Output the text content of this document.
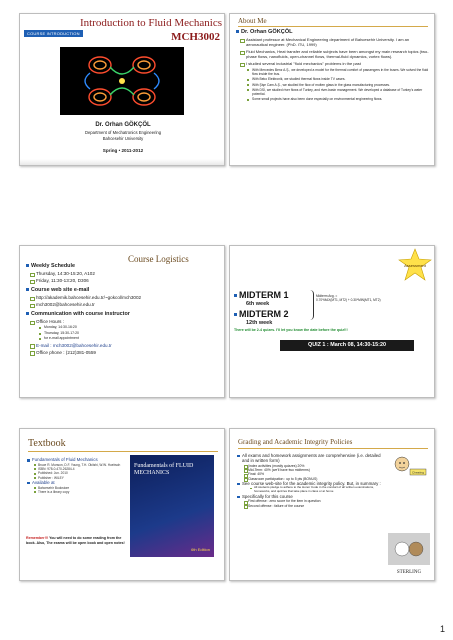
COURSE INTRODUCTION
Introduction to Fluid Mechanics
MCH3002
Dr. Orhan GÖKÇÖL
Department of Mechatronics Engineering
Bahcesehir University
Spring • 2011-2012
About Me
Dr. Orhan GÖKÇÖL
Assistant professor at Mechanical Engineering department of Bahcesehir University. I am an aeronautical engineer. (PhD. ITU, 1999)
Fluid Mechanics, Heat transfer and reliable subjects have been amongst my main research topics (two-phase flows, nanofluids, open-channel flows, thermal-fluid dynamics, vortex flows).
I studied several industrial "fluid mechanics" problems in the past
With Mercedes Benz A.Ş., we developed a model for the thermal comfort of passengers in the buses. We solved the fluid flow inside the bus.
With Beko Elektronik, we studied thermal flows inside TV cases.
With Şişe Cam A.Ş., we studied the flow of molten glass in the glass manufacturing processes.
With DSİ, we studied river flows of Turkey, and river-basin management. We developed a database of Turkey's water potential.
Some small projects have also been done especially on environmental engineering flows.
Course Logistics
Weekly Schedule
Thursday, 14:30-15:20, A102
Friday, 11:30-13:20, D306
Course web site e-mail
http://akademik.bahcesehir.edu.tr/~gokcol/mch3002
mch3002@bahcesehir.edu.tr
Communication with course instructor
Office Hours :
Monday, 14:30-16:20
Thursday, 15:30-17:20
for e-mail appointment
E-mail : mch3002@bahcesehir.edu.tr
Office phone : (212)381-0559
Assessment
MIDTERM 1
6th week
MIDTERM 2
12th week
Midterm Avg. =
0.70*MAX(MT1, MT2) + 0.30*MIN(MT1, MT2)
There will be 2-4 quizes. I'll let you know the date before the quiz!!!
QUIZ 1 : March 08, 14:30-15:20
Textbook
Fundamentals of Fluid Mechanics
Bruce R. Munson, D.F. Young, T.H. Okiishi, W.W. Huebsch
ISBN: 978-0-470-26284-4
Published: Jun. 2010
Publisher : WILEY
Available at
Bahcesehir Bookstore
There is a library copy
Remember!!! You will need to do some reading from the book. Also, The exams will be open book and open notes!
Fundamentals of FLUID MECHANICS
6th Edition
Grading and Academic Integrity Policies
All exams and homework assignments are comprehensive (i.e. detailed and in written form)
(index activities (mostly quizzes) 20%
Mid-Term: 40% (we'll have two midterms)
Final: 40%
Classroom participation : up to 5 pts (BONUS)
See course web-site for the academic integrity policy. But, in summary :
All students pledge to adhere to the Honor Code in the conduct of all written examinations, homeworks, and quizzes that take place in class or at home
Specifically for this course
First offense : zero score for the item in question
Second offense : failure of the course
Cheating
STERLING
1
